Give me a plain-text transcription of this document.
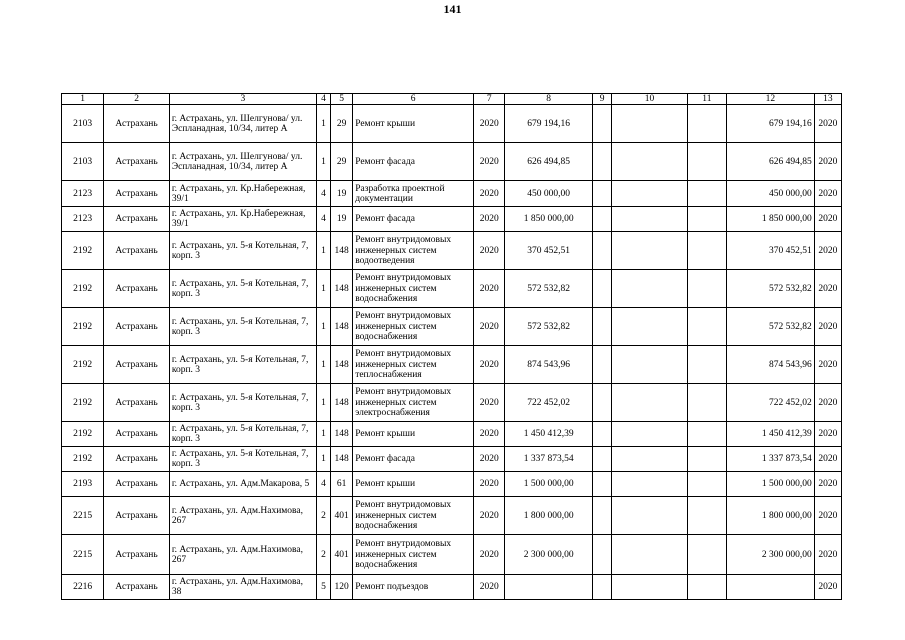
141
1	2	3	4	5	6	7	8	9	10	11	12	13
2103	Астрахань	г. Астрахань, ул. Шелгунова/ ул. Эспланадная, 10/34, литер А	1	29	Ремонт крыши	2020	679 194,16				679 194,16	2020
2103	Астрахань	г. Астрахань, ул. Шелгунова/ ул. Эспланадная, 10/34, литер А	1	29	Ремонт фасада	2020	626 494,85				626 494,85	2020
2123	Астрахань	г. Астрахань, ул. Кр.Набережная, 39/1	4	19	Разработка проектной документации	2020	450 000,00				450 000,00	2020
2123	Астрахань	г. Астрахань, ул. Кр.Набережная, 39/1	4	19	Ремонт фасада	2020	1 850 000,00				1 850 000,00	2020
2192	Астрахань	г. Астрахань, ул. 5-я Котельная, 7, корп. 3	1	148	Ремонт внутридомовых инженерных систем водоотведения	2020	370 452,51				370 452,51	2020
2192	Астрахань	г. Астрахань, ул. 5-я Котельная, 7, корп. 3	1	148	Ремонт внутридомовых инженерных систем водоснабжения	2020	572 532,82				572 532,82	2020
2192	Астрахань	г. Астрахань, ул. 5-я Котельная, 7, корп. 3	1	148	Ремонт внутридомовых инженерных систем водоснабжения	2020	572 532,82				572 532,82	2020
2192	Астрахань	г. Астрахань, ул. 5-я Котельная, 7, корп. 3	1	148	Ремонт внутридомовых инженерных систем теплоснабжения	2020	874 543,96				874 543,96	2020
2192	Астрахань	г. Астрахань, ул. 5-я Котельная, 7, корп. 3	1	148	Ремонт внутридомовых инженерных систем электроснабжения	2020	722 452,02				722 452,02	2020
2192	Астрахань	г. Астрахань, ул. 5-я Котельная, 7, корп. 3	1	148	Ремонт крыши	2020	1 450 412,39				1 450 412,39	2020
2192	Астрахань	г. Астрахань, ул. 5-я Котельная, 7, корп. 3	1	148	Ремонт фасада	2020	1 337 873,54				1 337 873,54	2020
2193	Астрахань	г. Астрахань, ул. Адм.Макарова, 5	4	61	Ремонт крыши	2020	1 500 000,00				1 500 000,00	2020
2215	Астрахань	г. Астрахань, ул. Адм.Нахимова, 267	2	401	Ремонт внутридомовых инженерных систем водоснабжения	2020	1 800 000,00				1 800 000,00	2020
2215	Астрахань	г. Астрахань, ул. Адм.Нахимова, 267	2	401	Ремонт внутридомовых инженерных систем водоснабжения	2020	2 300 000,00				2 300 000,00	2020
2216	Астрахань	г. Астрахань, ул. Адм.Нахимова, 38	5	120	Ремонт подъездов	2020						2020
